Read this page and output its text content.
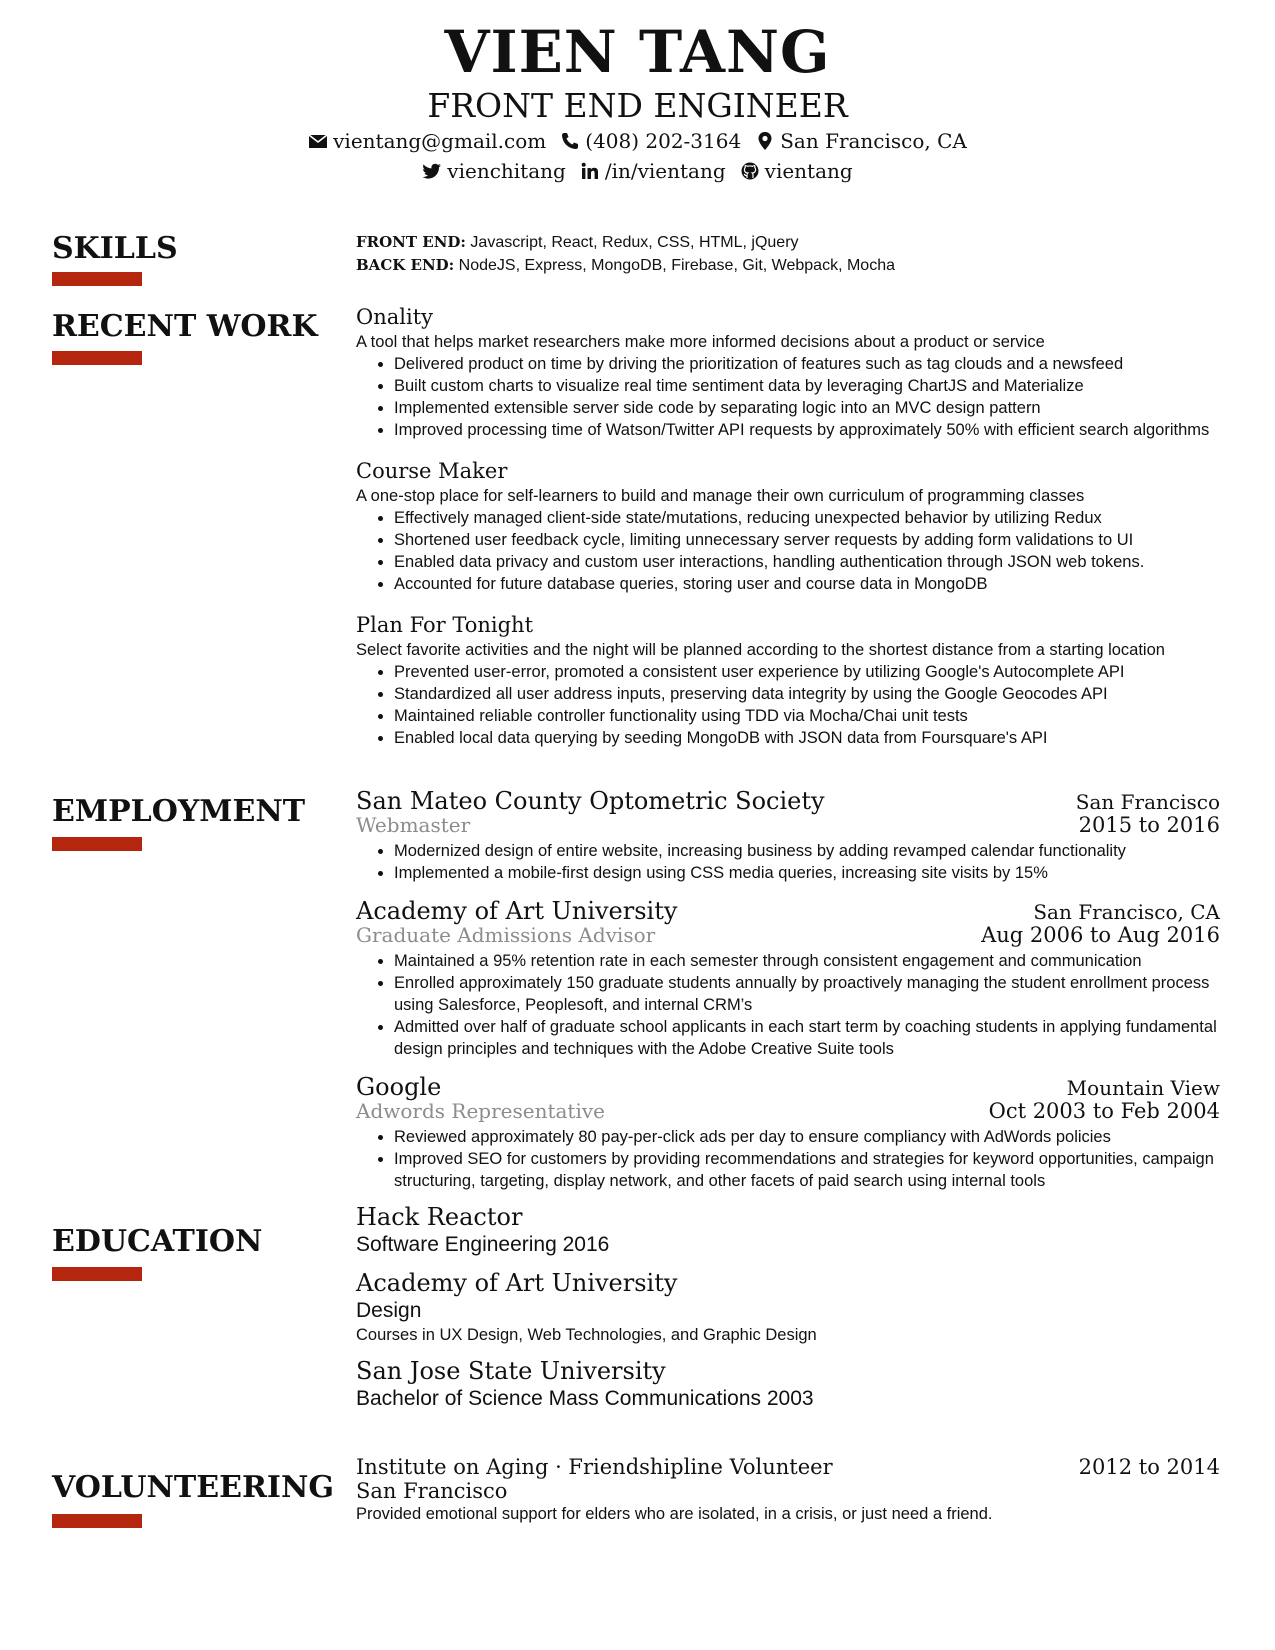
VIEN TANG
FRONT END ENGINEER
vientang@gmail.com (408) 202-3164 San Francisco, CA
vienchitang /in/vientang vientang
SKILLS
RECENT WORK
EMPLOYMENT
EDUCATION
VOLUNTEERING
FRONT END: Javascript, React, Redux, CSS, HTML, jQuery
BACK END: NodeJS, Express, MongoDB, Firebase, Git, Webpack, Mocha
Onality
A tool that helps market researchers make more informed decisions about a product or service
• Delivered product on time by driving the prioritization of features such as tag clouds and a newsfeed
• Built custom charts to visualize real time sentiment data by leveraging ChartJS and Materialize
• Implemented extensible server side code by separating logic into an MVC design pattern
• Improved processing time of Watson/Twitter API requests by approximately 50% with efficient search algorithms
Course Maker
A one-stop place for self-learners to build and manage their own curriculum of programming classes
• Effectively managed client-side state/mutations, reducing unexpected behavior by utilizing Redux
• Shortened user feedback cycle, limiting unnecessary server requests by adding form validations to UI
• Enabled data privacy and custom user interactions, handling authentication through JSON web tokens.
• Accounted for future database queries, storing user and course data in MongoDB
Plan For Tonight
Select favorite activities and the night will be planned according to the shortest distance from a starting location
• Prevented user-error, promoted a consistent user experience by utilizing Google's Autocomplete API
• Standardized all user address inputs, preserving data integrity by using the Google Geocodes API
• Maintained reliable controller functionality using TDD via Mocha/Chai unit tests
• Enabled local data querying by seeding MongoDB with JSON data from Foursquare's API
San Mateo County Optometric Society	San Francisco
Webmaster	2015 to 2016
• Modernized design of entire website, increasing business by adding revamped calendar functionality
• Implemented a mobile-first design using CSS media queries, increasing site visits by 15%
Academy of Art University	San Francisco, CA
Graduate Admissions Advisor	Aug 2006 to Aug 2016
• Maintained a 95% retention rate in each semester through consistent engagement and communication
• Enrolled approximately 150 graduate students annually by proactively managing the student enrollment process using Salesforce, Peoplesoft, and internal CRM’s
• Admitted over half of graduate school applicants in each start term by coaching students in applying fundamental design principles and techniques with the Adobe Creative Suite tools
Google	Mountain View
Adwords Representative	Oct 2003 to Feb 2004
• Reviewed approximately 80 pay-per-click ads per day to ensure compliancy with AdWords policies
• Improved SEO for customers by providing recommendations and strategies for keyword opportunities, campaign structuring, targeting, display network, and other facets of paid search using internal tools
Hack Reactor
Software Engineering 2016
Academy of Art University
Design
Courses in UX Design, Web Technologies, and Graphic Design
San Jose State University
Bachelor of Science Mass Communications 2003
Institute on Aging · Friendshipline Volunteer	2012 to 2014
San Francisco
Provided emotional support for elders who are isolated, in a crisis, or just need a friend.
